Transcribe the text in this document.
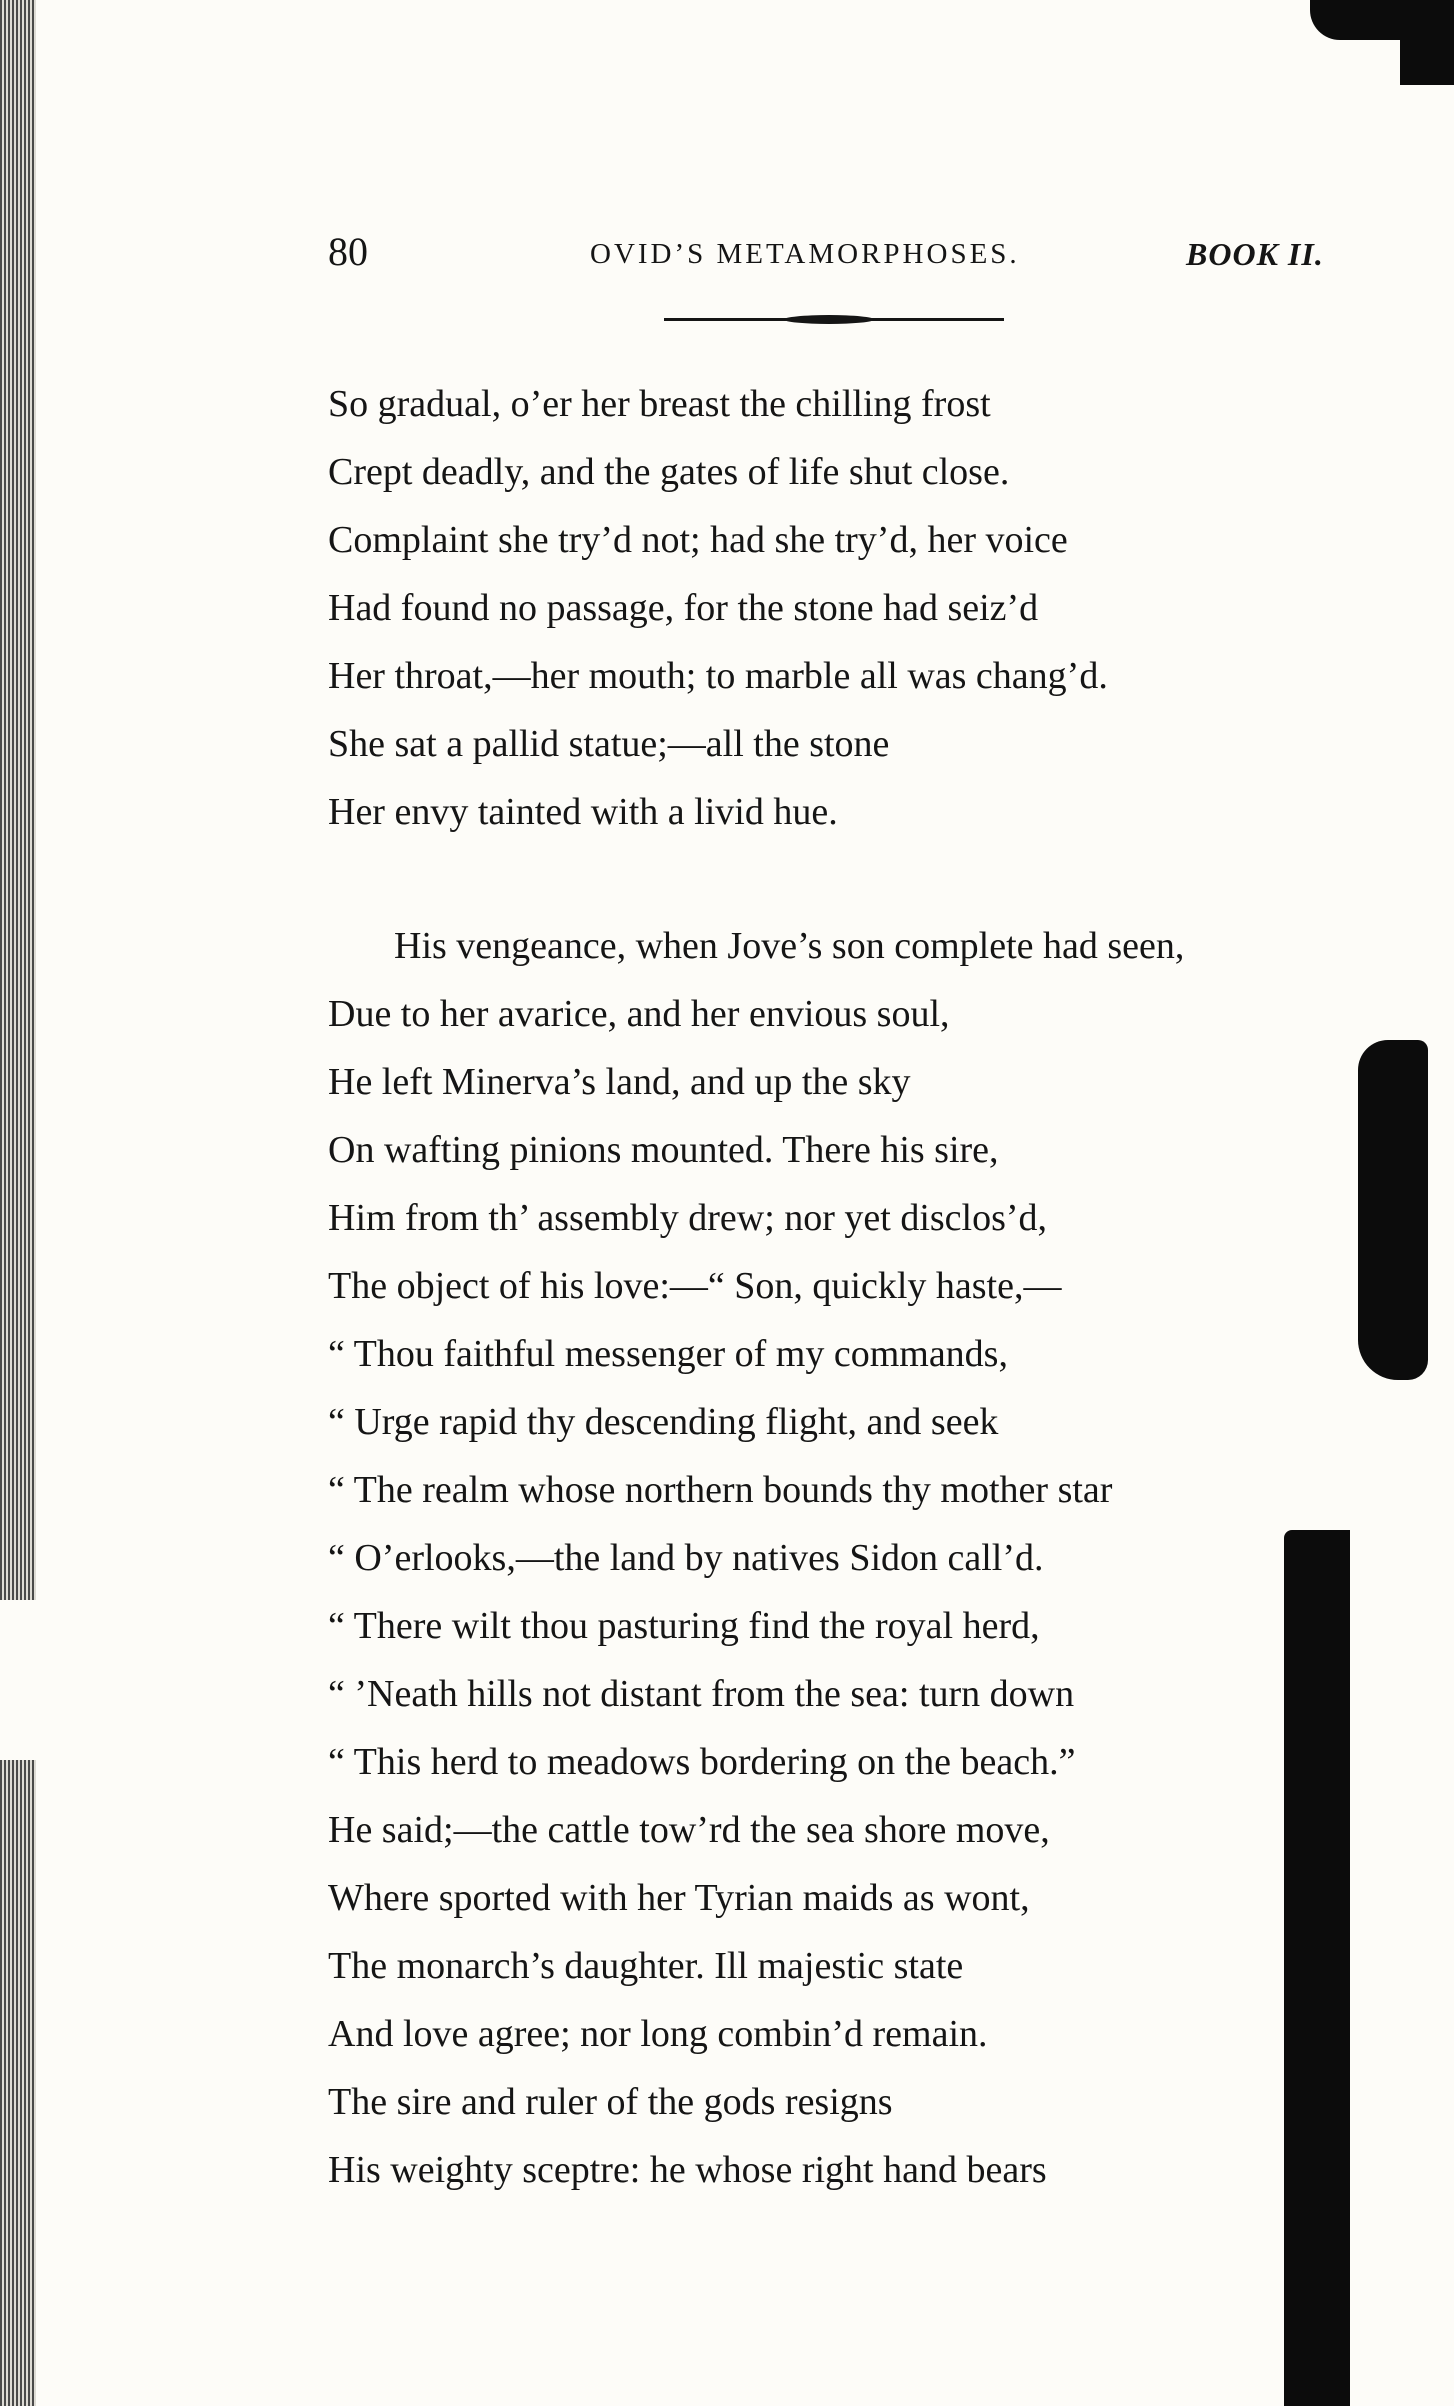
80	OVID’S METAMORPHOSES.	BOOK II.
So gradual, o’er her breast the chilling frost
Crept deadly, and the gates of life shut close.
Complaint she try’d not; had she try’d, her voice
Had found no passage, for the stone had seiz’d
Her throat,—her mouth; to marble all was chang’d.
She sat a pallid statue;—all the stone
Her envy tainted with a livid hue.
His vengeance, when Jove’s son complete had seen,
Due to her avarice, and her envious soul,
He left Minerva’s land, and up the sky
On wafting pinions mounted. There his sire,
Him from th’ assembly drew; nor yet disclos’d,
The object of his love:—“ Son, quickly haste,—
“ Thou faithful messenger of my commands,
“ Urge rapid thy descending flight, and seek
“ The realm whose northern bounds thy mother star
“ O’erlooks,—the land by natives Sidon call’d.
“ There wilt thou pasturing find the royal herd,
“ ’Neath hills not distant from the sea: turn down
“ This herd to meadows bordering on the beach.”
He said;—the cattle tow’rd the sea shore move,
Where sported with her Tyrian maids as wont,
The monarch’s daughter. Ill majestic state
And love agree; nor long combin’d remain.
The sire and ruler of the gods resigns
His weighty sceptre: he whose right hand bears
